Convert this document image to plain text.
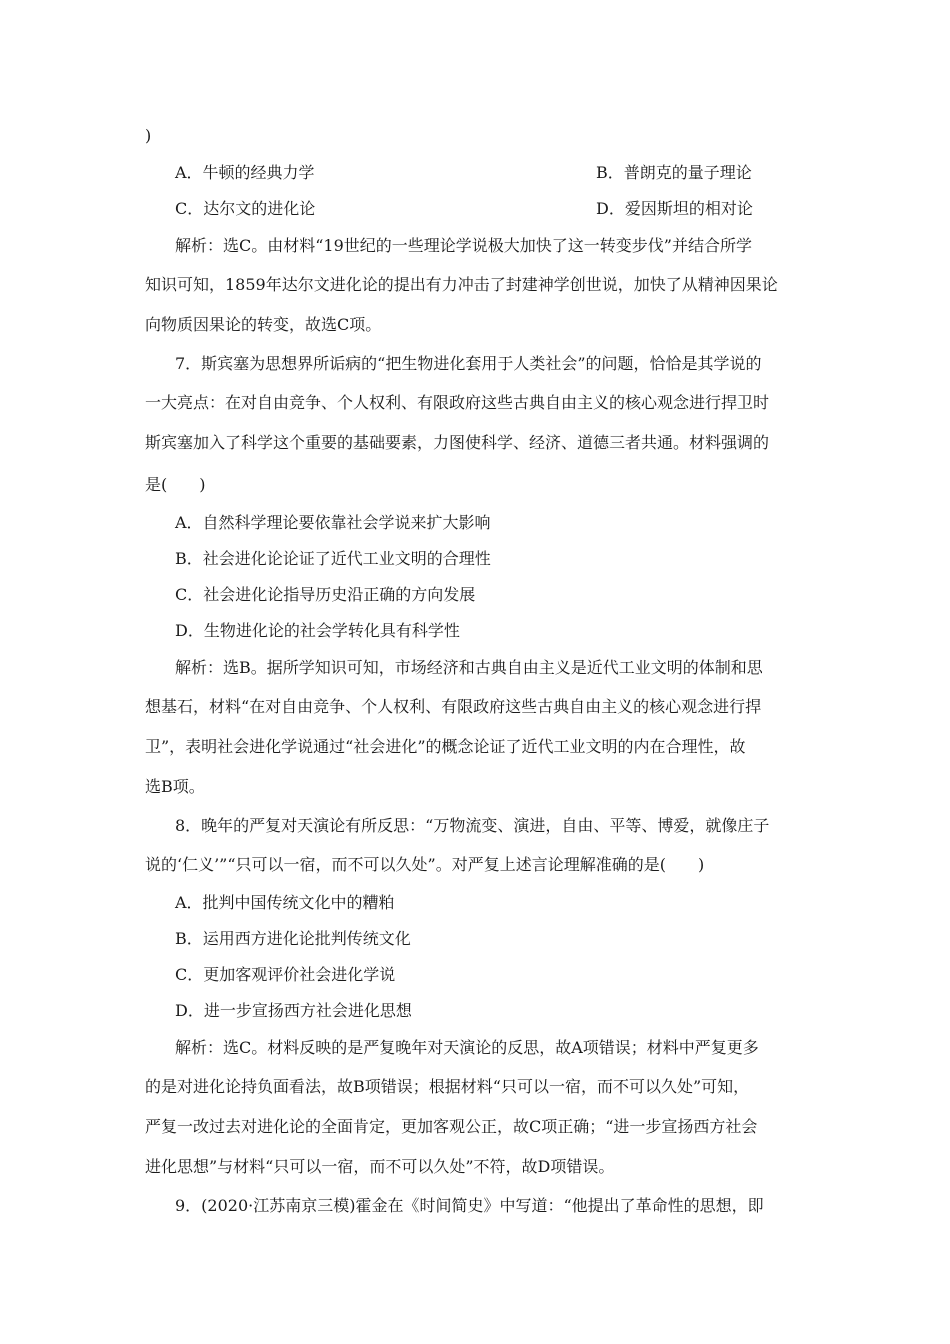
)
A．牛顿的经典力学	B．普朗克的量子理论
C．达尔文的进化论	D．爱因斯坦的相对论
解析：选C。由材料“19世纪的一些理论学说极大加快了这一转变步伐”并结合所学
知识可知，1859年达尔文进化论的提出有力冲击了封建神学创世说，加快了从精神因果论
向物质因果论的转变，故选C项。
7．斯宾塞为思想界所诟病的“把生物进化套用于人类社会”的问题，恰恰是其学说的
一大亮点：在对自由竞争、个人权利、有限政府这些古典自由主义的核心观念进行捍卫时
斯宾塞加入了科学这个重要的基础要素，力图使科学、经济、道德三者共通。材料强调的
是(　　)
A．自然科学理论要依靠社会学说来扩大影响
B．社会进化论论证了近代工业文明的合理性
C．社会进化论指导历史沿正确的方向发展
D．生物进化论的社会学转化具有科学性
解析：选B。据所学知识可知，市场经济和古典自由主义是近代工业文明的体制和思
想基石，材料“在对自由竞争、个人权利、有限政府这些古典自由主义的核心观念进行捍
卫”，表明社会进化学说通过“社会进化”的概念论证了近代工业文明的内在合理性，故
选B项。
8．晚年的严复对天演论有所反思：“万物流变、演进，自由、平等、博爱，就像庄子
说的‘仁义’”“只可以一宿，而不可以久处”。对严复上述言论理解准确的是(　　)
A．批判中国传统文化中的糟粕
B．运用西方进化论批判传统文化
C．更加客观评价社会进化学说
D．进一步宣扬西方社会进化思想
解析：选C。材料反映的是严复晚年对天演论的反思，故A项错误；材料中严复更多
的是对进化论持负面看法，故B项错误；根据材料“只可以一宿，而不可以久处”可知，
严复一改过去对进化论的全面肯定，更加客观公正，故C项正确；“进一步宣扬西方社会
进化思想”与材料“只可以一宿，而不可以久处”不符，故D项错误。
9．(2020·江苏南京三模)霍金在《时间简史》中写道：“他提出了革命性的思想，即
